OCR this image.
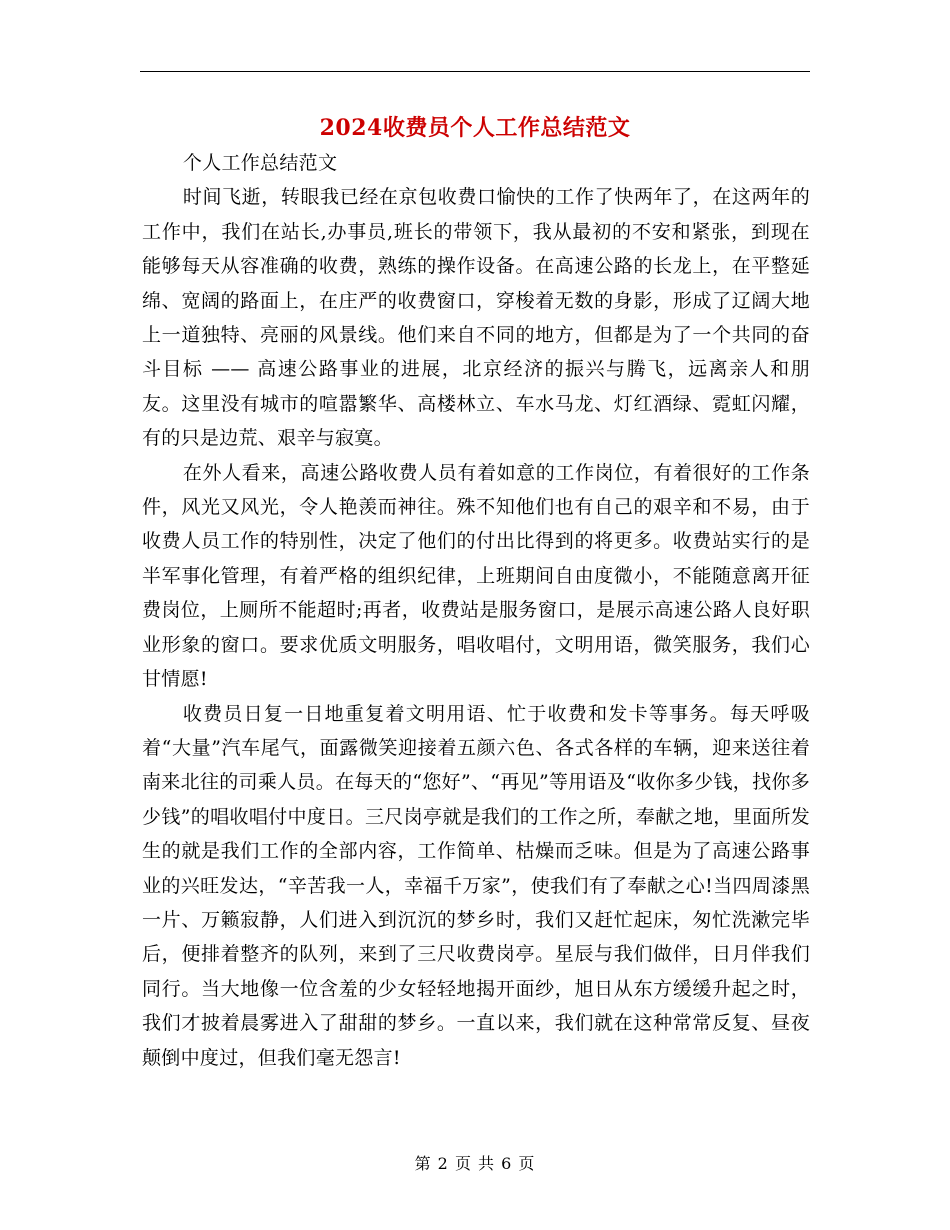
2024收费员个人工作总结范文

个人工作总结范文

时间飞逝，转眼我已经在京包收费口愉快的工作了快两年了，在这两年的工作中，我们在站长,办事员,班长的带领下，我从最初的不安和紧张，到现在能够每天从容准确的收费，熟练的操作设备。在高速公路的长龙上，在平整延绵、宽阔的路面上，在庄严的收费窗口，穿梭着无数的身影，形成了辽阔大地上一道独特、亮丽的风景线。他们来自不同的地方，但都是为了一个共同的奋斗目标 —— 高速公路事业的进展，北京经济的振兴与腾飞，远离亲人和朋友。这里没有城市的喧嚣繁华、高楼林立、车水马龙、灯红酒绿、霓虹闪耀，有的只是边荒、艰辛与寂寞。

在外人看来，高速公路收费人员有着如意的工作岗位，有着很好的工作条件，风光又风光，令人艳羡而神往。殊不知他们也有自己的艰辛和不易，由于收费人员工作的特别性，决定了他们的付出比得到的将更多。收费站实行的是半军事化管理，有着严格的组织纪律，上班期间自由度微小，不能随意离开征费岗位，上厕所不能超时;再者，收费站是服务窗口，是展示高速公路人良好职业形象的窗口。要求优质文明服务，唱收唱付，文明用语，微笑服务，我们心甘情愿!

收费员日复一日地重复着文明用语、忙于收费和发卡等事务。每天呼吸着“大量”汽车尾气，面露微笑迎接着五颜六色、各式各样的车辆，迎来送往着南来北往的司乘人员。在每天的“您好”、“再见”等用语及“收你多少钱，找你多少钱”的唱收唱付中度日。三尺岗亭就是我们的工作之所，奉献之地，里面所发生的就是我们工作的全部内容，工作简单、枯燥而乏味。但是为了高速公路事业的兴旺发达，“辛苦我一人，幸福千万家”，使我们有了奉献之心!当四周漆黑一片、万籁寂静，人们进入到沉沉的梦乡时，我们又赶忙起床，匆忙洗漱完毕后，便排着整齐的队列，来到了三尺收费岗亭。星辰与我们做伴，日月伴我们同行。当大地像一位含羞的少女轻轻地揭开面纱，旭日从东方缓缓升起之时，我们才披着晨雾进入了甜甜的梦乡。一直以来，我们就在这种常常反复、昼夜颠倒中度过，但我们毫无怨言!

第 2 页 共 6 页
